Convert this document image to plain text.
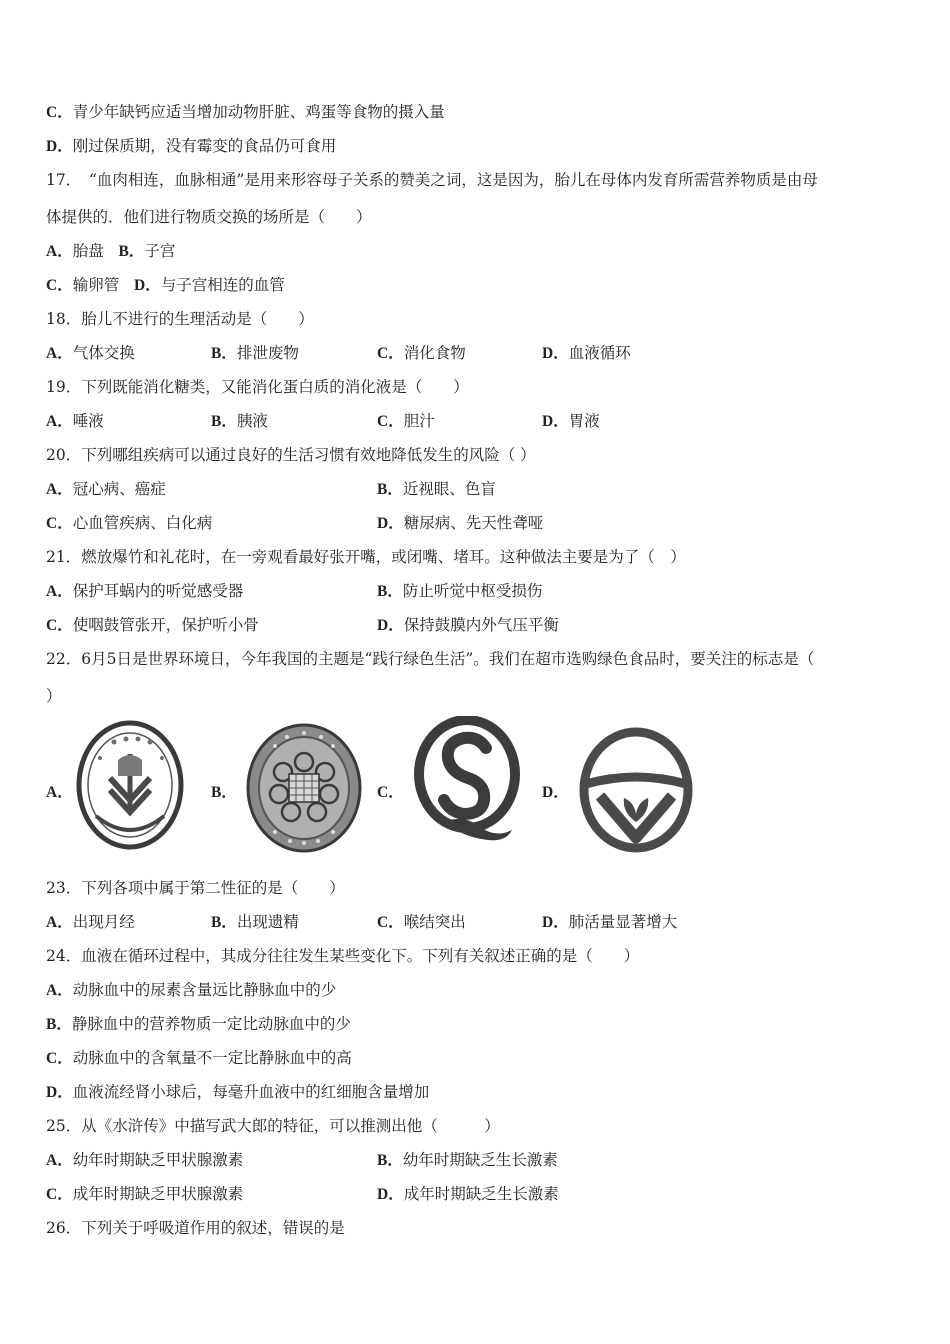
C．青少年缺钙应适当增加动物肝脏、鸡蛋等食物的摄入量
D．刚过保质期，没有霉变的食品仍可食用
17．　“血肉相连，血脉相通”是用来形容母子关系的赞美之词，这是因为，胎儿在母体内发育所需营养物质是由母
体提供的．他们进行物质交换的场所是（　　）
A．胎盘 B．子宫
C．输卵管 D．与子宫相连的血管
18．胎儿不进行的生理活动是（　　）
A．气体交换	B．排泄废物	C．消化食物	D．血液循环
19．下列既能消化糖类，又能消化蛋白质的消化液是（　　）
A．唾液	B．胰液	C．胆汁	D．胃液
20．下列哪组疾病可以通过良好的生活习惯有效地降低发生的风险（ ）
A．冠心病、癌症	B．近视眼、色盲
C．心血管疾病、白化病	D．糖尿病、先天性聋哑
21．燃放爆竹和礼花时，在一旁观看最好张开嘴，或闭嘴、堵耳。这种做法主要是为了（　）
A．保护耳蜗内的听觉感受器	B．防止听觉中枢受损伤
C．使咽鼓管张开，保护听小骨	D．保持鼓膜内外气压平衡
22．6月5日是世界环境日，今年我国的主题是“践行绿色生活”。我们在超市选购绿色食品时，要关注的标志是（
）
A．	B．	C．	D．
23．下列各项中属于第二性征的是（　　）
A．出现月经	B．出现遗精	C．喉结突出	D．肺活量显著增大
24．血液在循环过程中，其成分往往发生某些变化下。下列有关叙述正确的是（　　）
A．动脉血中的尿素含量远比静脉血中的少
B．静脉血中的营养物质一定比动脉血中的少
C．动脉血中的含氧量不一定比静脉血中的高
D．血液流经肾小球后，每毫升血液中的红细胞含量增加
25．从《水浒传》中描写武大郎的特征，可以推测出他（　　　）
A．幼年时期缺乏甲状腺激素	B．幼年时期缺乏生长激素
C．成年时期缺乏甲状腺激素	D．成年时期缺乏生长激素
26．下列关于呼吸道作用的叙述，错误的是
